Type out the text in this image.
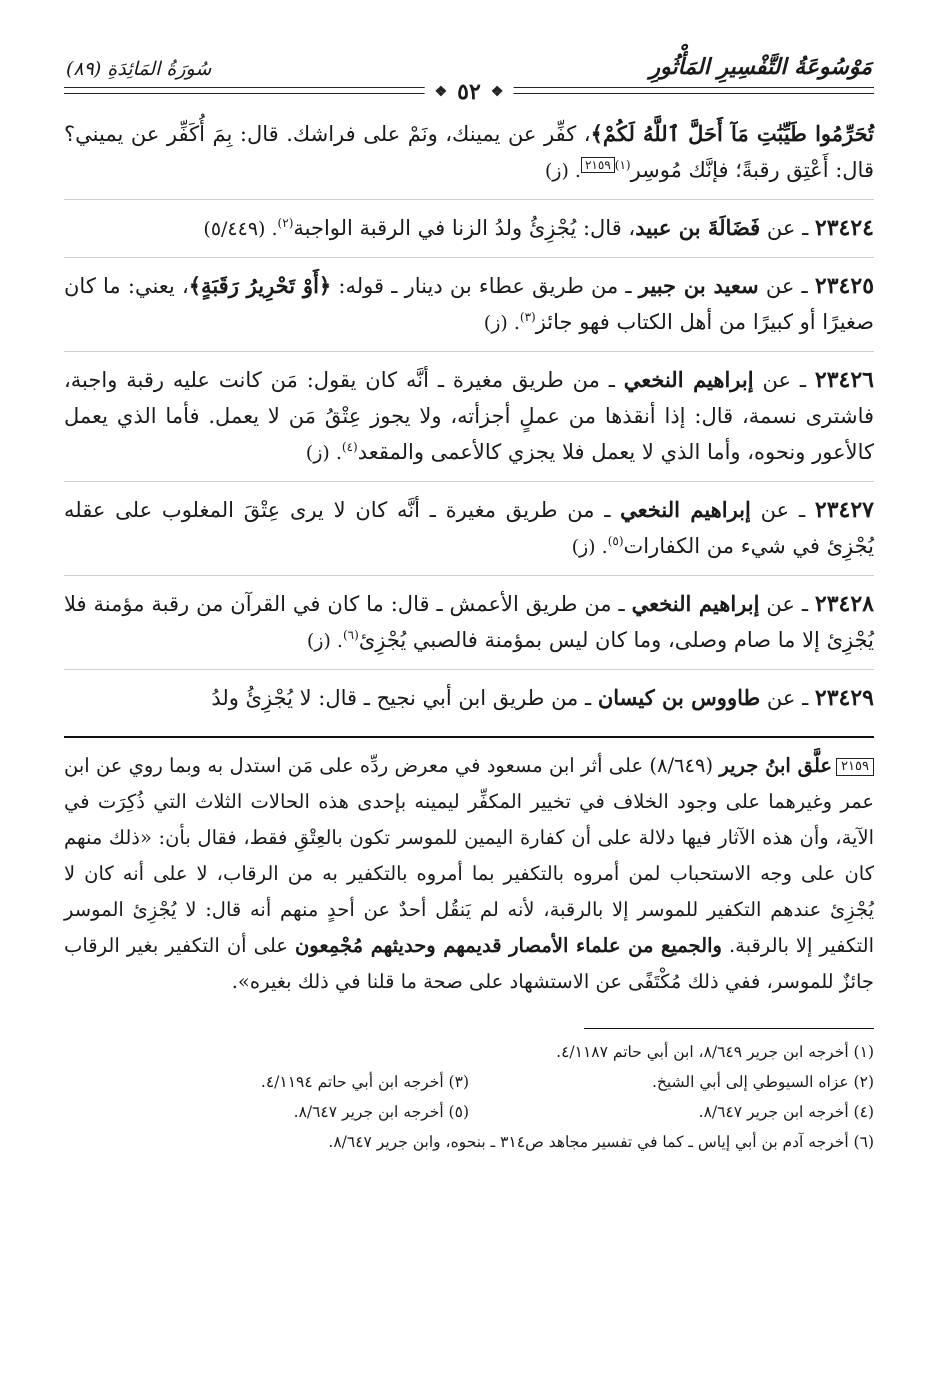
مَوْسُوعَةُ التَّفْسِيرِ المَأْثُورِ
❖
٥٢
❖
سُورَةُ المَائِدَةِ (٨٩)
تُحَرِّمُوا طَيِّبَٰتِ مَآ أَحَلَّ ٱللَّهُ لَكُمْ﴾، كفِّر عن يمينك، ونَمْ على فراشك. قال: بِمَ أُكَفِّر عن يميني؟ قال: أَعْتِق رقبةً؛ فإنَّك مُوسِر$^{(١)}$٢١٥٩. (ز)
٢٣٤٢٤ ـ عن فَضَالَةَ بن عبيد، قال: يُجْزِئُ ولدُ الزنا في الرقبة الواجبة$^{(٢)}$. (٥/٤٤٩)
٢٣٤٢٥ ـ عن سعيد بن جبير ـ من طريق عطاء بن دينار ـ قوله: ﴿أَوْ تَحْرِيرُ رَقَبَةٍ﴾، يعني: ما كان صغيرًا أو كبيرًا من أهل الكتاب فهو جائز$^{(٣)}$. (ز)
٢٣٤٢٦ ـ عن إبراهيم النخعي ـ من طريق مغيرة ـ أنَّه كان يقول: مَن كانت عليه رقبة واجبة، فاشترى نسمة، قال: إذا أنقذها من عملٍ أجزأته، ولا يجوز عِتْقُ مَن لا يعمل. فأما الذي يعمل كالأعور ونحوه، وأما الذي لا يعمل فلا يجزي كالأعمى والمقعد$^{(٤)}$. (ز)
٢٣٤٢٧ ـ عن إبراهيم النخعي ـ من طريق مغيرة ـ أنَّه كان لا يرى عِتْقَ المغلوب على عقله يُجْزِئ في شيء من الكفارات$^{(٥)}$. (ز)
٢٣٤٢٨ ـ عن إبراهيم النخعي ـ من طريق الأعمش ـ قال: ما كان في القرآن من رقبة مؤمنة فلا يُجْزِئ إلا ما صام وصلى، وما كان ليس بمؤمنة فالصبي يُجْزِئ$^{(٦)}$. (ز)
٢٣٤٢٩ ـ عن طاووس بن كيسان ـ من طريق ابن أبي نجيح ـ قال: لا يُجْزِئُ ولدُ
٢١٥٩علَّق ابنُ جرير (٨/٦٤٩) على أثر ابن مسعود في معرض ردِّه على مَن استدل به وبما روي عن ابن عمر وغيرهما على وجود الخلاف في تخيير المكفِّر ليمينه بإحدى هذه الحالات الثلاث التي ذُكِرَت في الآية، وأن هذه الآثار فيها دلالة على أن كفارة اليمين للموسر تكون بالعِتْقِ فقط، فقال بأن: «ذلك منهم كان على وجه الاستحباب لمن أمروه بالتكفير بما أمروه بالتكفير به من الرقاب، لا على أنه كان لا يُجْزِئ عندهم التكفير للموسر إلا بالرقبة، لأنه لم يَنقُل أحدٌ عن أحدٍ منهم أنه قال: لا يُجْزِئ الموسر التكفير إلا بالرقبة. والجميع من علماء الأمصار قديمهم وحديثهم مُجْمِعون على أن التكفير بغير الرقاب جائزٌ للموسر، ففي ذلك مُكْتَفًى عن الاستشهاد على صحة ما قلنا في ذلك بغيره».
(١) أخرجه ابن جرير ٨/٦٤٩، ابن أبي حاتم ٤/١١٨٧.
(٢) عزاه السيوطي إلى أبي الشيخ.
(٣) أخرجه ابن أبي حاتم ٤/١١٩٤.
(٤) أخرجه ابن جرير ٨/٦٤٧.
(٥) أخرجه ابن جرير ٨/٦٤٧.
(٦) أخرجه آدم بن أبي إياس ـ كما في تفسير مجاهد ص٣١٤ ـ بنحوه، وابن جرير ٨/٦٤٧.
